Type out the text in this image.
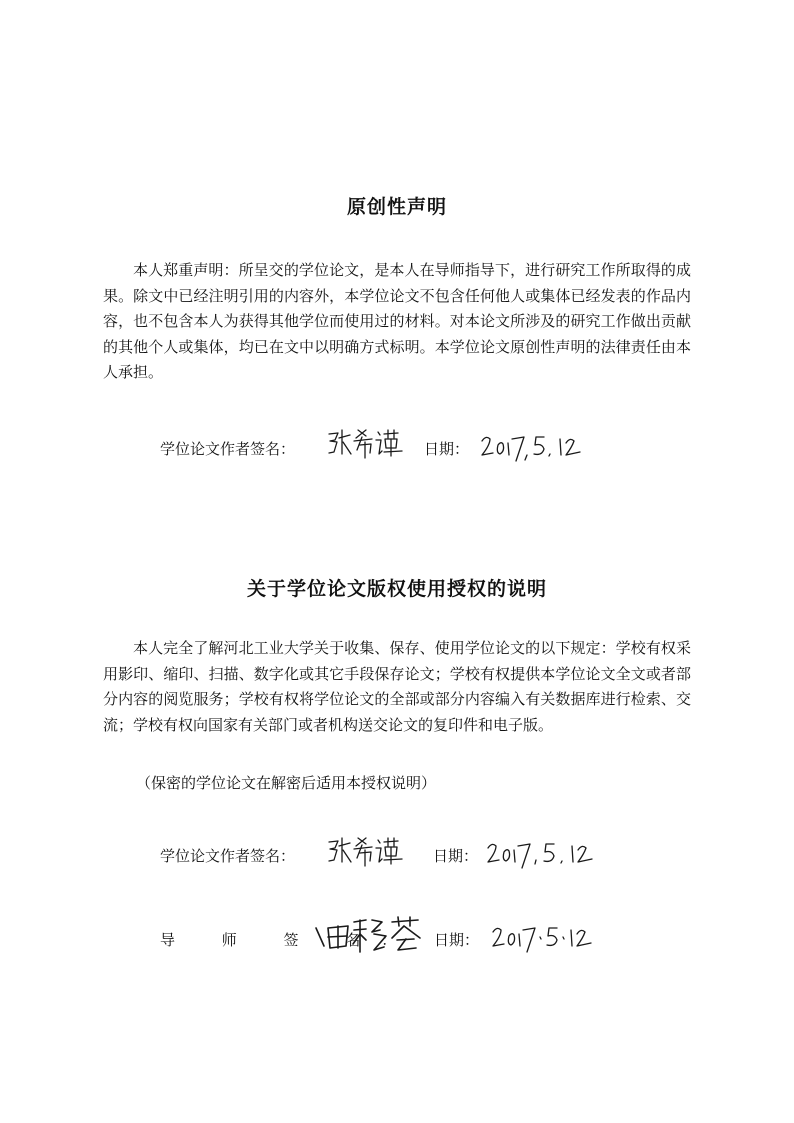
原创性声明

本人郑重声明：所呈交的学位论文，是本人在导师指导下，进行研究工作所取得的成果。除文中已经注明引用的内容外，本学位论文不包含任何他人或集体已经发表的作品内容，也不包含本人为获得其他学位而使用过的材料。对本论文所涉及的研究工作做出贡献的其他个人或集体，均已在文中以明确方式标明。本学位论文原创性声明的法律责任由本人承担。

学位论文作者签名：	日期：
关于学位论文版权使用授权的说明

本人完全了解河北工业大学关于收集、保存、使用学位论文的以下规定：学校有权采用影印、缩印、扫描、数字化或其它手段保存论文；学校有权提供本学位论文全文或者部分内容的阅览服务；学校有权将学位论文的全部或部分内容编入有关数据库进行检索、交流；学校有权向国家有关部门或者机构送交论文的复印件和电子版。

（保密的学位论文在解密后适用本授权说明）

学位论文作者签名：	日期：
导 师 签 名： 日期：
